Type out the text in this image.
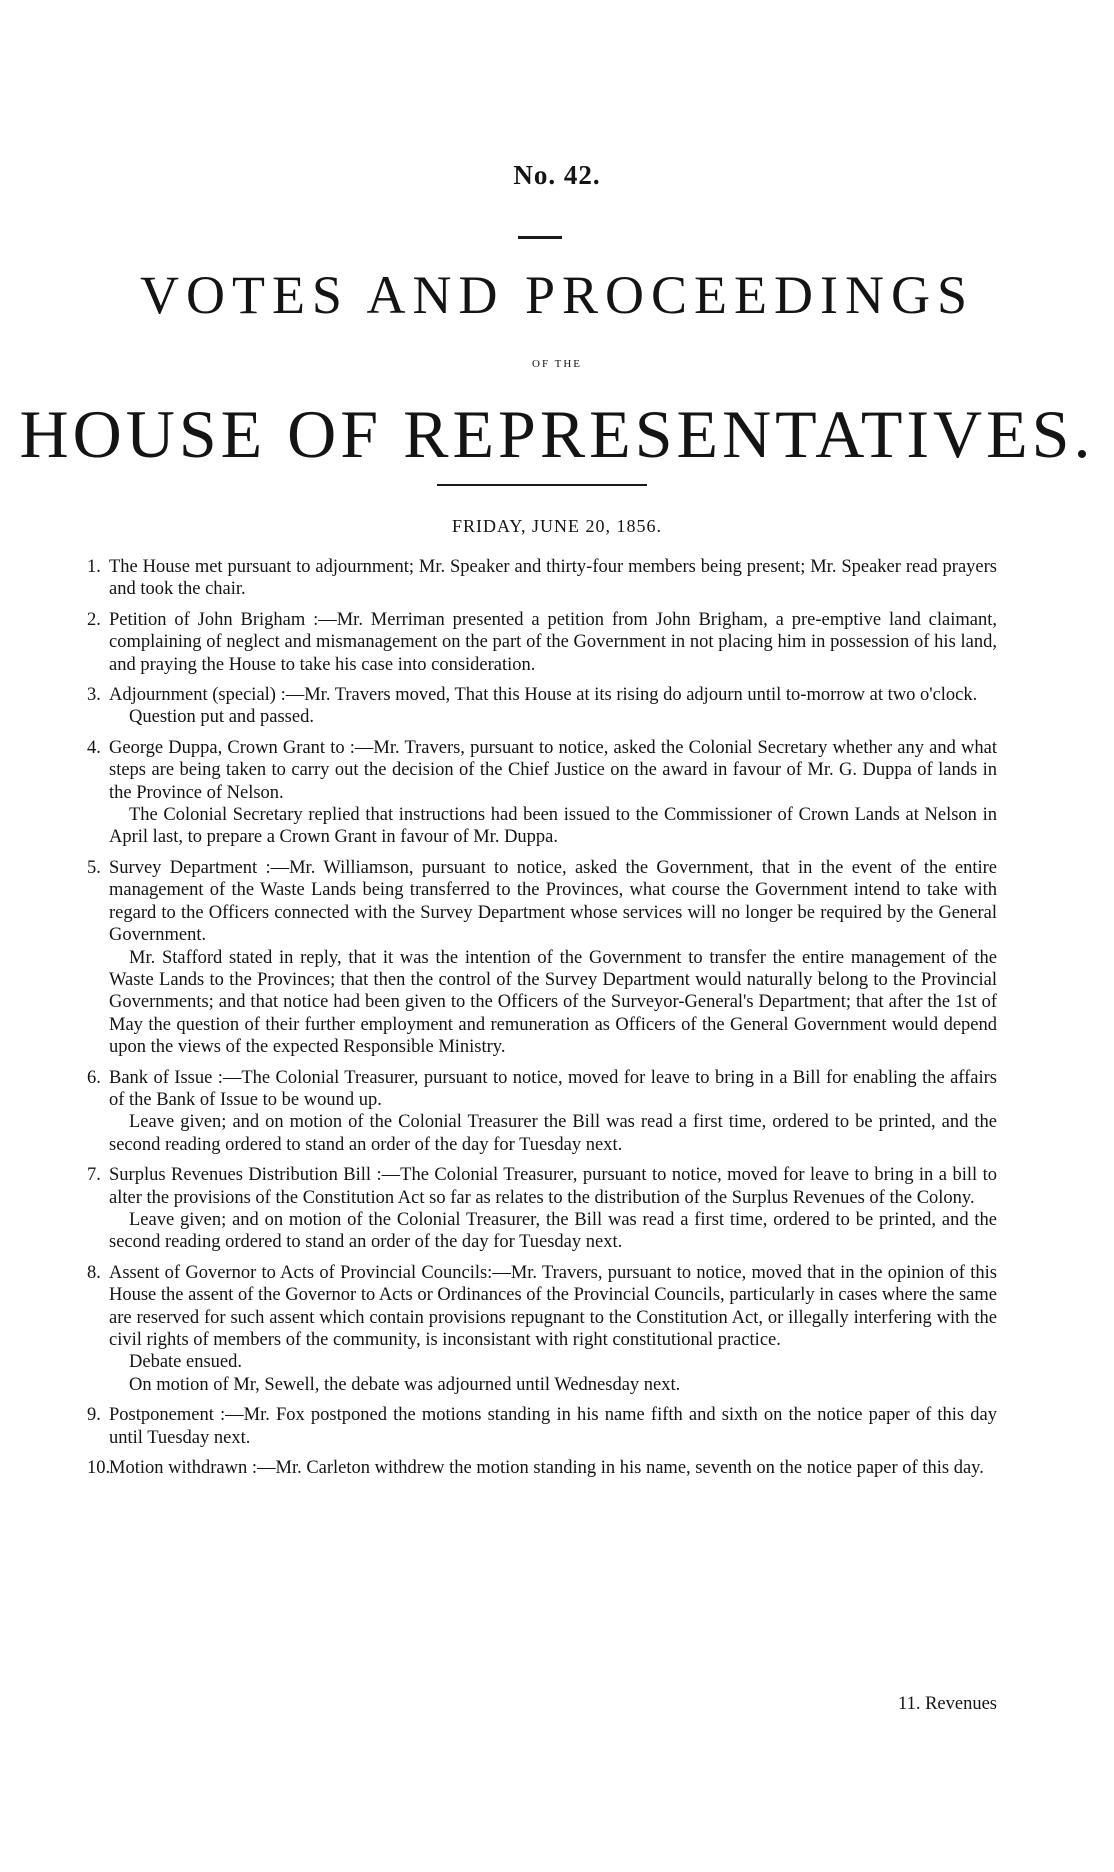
No. 42.
VOTES AND PROCEEDINGS
OF THE
HOUSE OF REPRESENTATIVES.
FRIDAY, JUNE 20, 1856.
1. The House met pursuant to adjournment; Mr. Speaker and thirty-four members being present; Mr. Speaker read prayers and took the chair.

2. Petition of John Brigham :—Mr. Merriman presented a petition from John Brigham, a pre-emptive land claimant, complaining of neglect and mismanagement on the part of the Government in not placing him in possession of his land, and praying the House to take his case into consideration.

3. Adjournment (special) :—Mr. Travers moved, That this House at its rising do adjourn until to-morrow at two o'clock.

Question put and passed.

4. George Duppa, Crown Grant to :—Mr. Travers, pursuant to notice, asked the Colonial Secretary whether any and what steps are being taken to carry out the decision of the Chief Justice on the award in favour of Mr. G. Duppa of lands in the Province of Nelson.

The Colonial Secretary replied that instructions had been issued to the Commissioner of Crown Lands at Nelson in April last, to prepare a Crown Grant in favour of Mr. Duppa.

5. Survey Department :—Mr. Williamson, pursuant to notice, asked the Government, that in the event of the entire management of the Waste Lands being transferred to the Provinces, what course the Government intend to take with regard to the Officers connected with the Survey Department whose services will no longer be required by the General Government.

Mr. Stafford stated in reply, that it was the intention of the Government to transfer the entire management of the Waste Lands to the Provinces; that then the control of the Survey Department would naturally belong to the Provincial Governments; and that notice had been given to the Officers of the Surveyor-General's Department; that after the 1st of May the question of their further employment and remuneration as Officers of the General Government would depend upon the views of the expected Responsible Ministry.

6. Bank of Issue :—The Colonial Treasurer, pursuant to notice, moved for leave to bring in a Bill for enabling the affairs of the Bank of Issue to be wound up.

Leave given; and on motion of the Colonial Treasurer the Bill was read a first time, ordered to be printed, and the second reading ordered to stand an order of the day for Tuesday next.

7. Surplus Revenues Distribution Bill :—The Colonial Treasurer, pursuant to notice, moved for leave to bring in a bill to alter the provisions of the Constitution Act so far as relates to the distribution of the Surplus Revenues of the Colony.

Leave given; and on motion of the Colonial Treasurer, the Bill was read a first time, ordered to be printed, and the second reading ordered to stand an order of the day for Tuesday next.

8. Assent of Governor to Acts of Provincial Councils:—Mr. Travers, pursuant to notice, moved that in the opinion of this House the assent of the Governor to Acts or Ordinances of the Provincial Councils, particularly in cases where the same are reserved for such assent which contain provisions repugnant to the Constitution Act, or illegally interfering with the civil rights of members of the community, is inconsistant with right constitutional practice.

Debate ensued.

On motion of Mr, Sewell, the debate was adjourned until Wednesday next.

9. Postponement :—Mr. Fox postponed the motions standing in his name fifth and sixth on the notice paper of this day until Tuesday next.

10.

Motion withdrawn :—Mr. Carleton withdrew the motion standing in his name, seventh on the notice paper of this day.

11. Revenues
